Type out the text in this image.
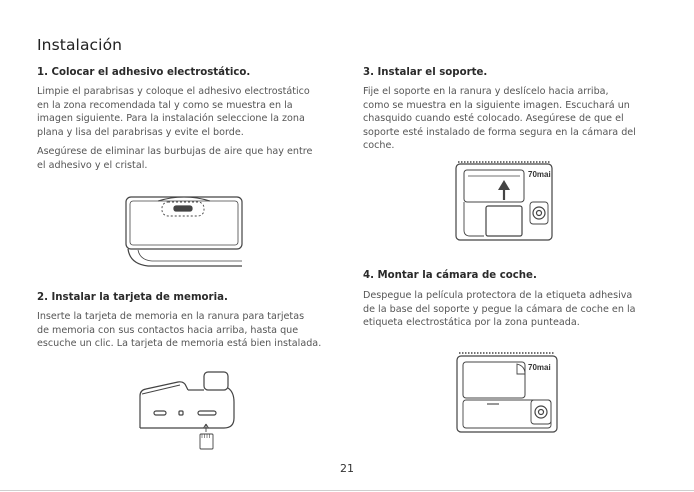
Instalación
1. Colocar el adhesivo electrostático.

Limpie el parabrisas y coloque el adhesivo electrostático
en la zona recomendada tal y como se muestra en la
imagen siguiente. Para la instalación seleccione la zona
plana y lisa del parabrisas y evite el borde.

Asegúrese de eliminar las burbujas de aire que hay entre
el adhesivo y el cristal.

2. Instalar la tarjeta de memoria.

Inserte la tarjeta de memoria en la ranura para tarjetas
de memoria con sus contactos hacia arriba, hasta que
escuche un clic. La tarjeta de memoria está bien instalada.

3. Instalar el soporte.

Fije el soporte en la ranura y deslícelo hacia arriba,
como se muestra en la siguiente imagen. Escuchará un
chasquido cuando esté colocado. Asegúrese de que el
soporte esté instalado de forma segura en la cámara del
coche.

70mai
4. Montar la cámara de coche.

Despegue la película protectora de la etiqueta adhesiva
de la base del soporte y pegue la cámara de coche en la
etiqueta electrostática por la zona punteada.

70mai
21
